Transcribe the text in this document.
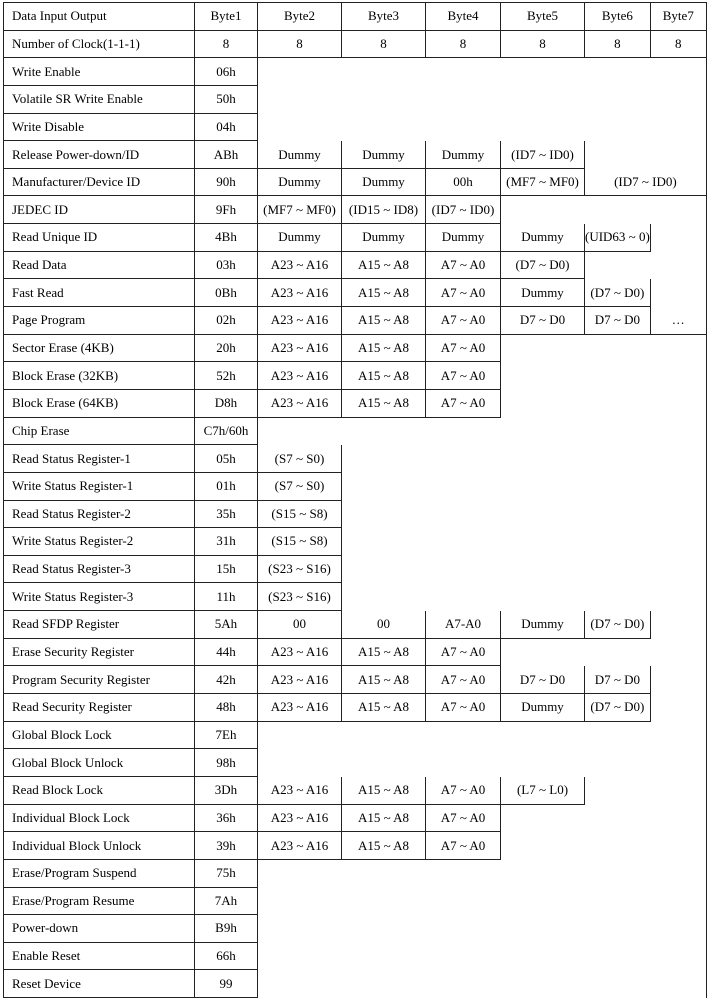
Data Input Output	Byte1	Byte2	Byte3	Byte4	Byte5	Byte6	Byte7
Number of Clock(1-1-1)	8	8	8	8	8	8	8
Write Enable	06h						
Volatile SR Write Enable	50h						
Write Disable	04h						
Release Power-down/ID	ABh	Dummy	Dummy	Dummy	(ID7 ~ ID0)		
Manufacturer/Device ID	90h	Dummy	Dummy	00h	(MF7 ~ MF0)	(ID7 ~ ID0)	
JEDEC ID	9Fh	(MF7 ~ MF0)	(ID15 ~ ID8)	(ID7 ~ ID0)			
Read Unique ID	4Bh	Dummy	Dummy	Dummy	Dummy	(UID63 ~ 0)	
Read Data	03h	A23 ~ A16	A15 ~ A8	A7 ~ A0	(D7 ~ D0)		
Fast Read	0Bh	A23 ~ A16	A15 ~ A8	A7 ~ A0	Dummy	(D7 ~ D0)	
Page Program	02h	A23 ~ A16	A15 ~ A8	A7 ~ A0	D7 ~ D0	D7 ~ D0	…
Sector Erase (4KB)	20h	A23 ~ A16	A15 ~ A8	A7 ~ A0			
Block Erase (32KB)	52h	A23 ~ A16	A15 ~ A8	A7 ~ A0			
Block Erase (64KB)	D8h	A23 ~ A16	A15 ~ A8	A7 ~ A0			
Chip Erase	C7h/60h						
Read Status Register-1	05h	(S7 ~ S0)					
Write Status Register-1	01h	(S7 ~ S0)					
Read Status Register-2	35h	(S15 ~ S8)					
Write Status Register-2	31h	(S15 ~ S8)					
Read Status Register-3	15h	(S23 ~ S16)					
Write Status Register-3	11h	(S23 ~ S16)					
Read SFDP Register	5Ah	00	00	A7-A0	Dummy	(D7 ~ D0)	
Erase Security Register	44h	A23 ~ A16	A15 ~ A8	A7 ~ A0			
Program Security Register	42h	A23 ~ A16	A15 ~ A8	A7 ~ A0	D7 ~ D0	D7 ~ D0	
Read Security Register	48h	A23 ~ A16	A15 ~ A8	A7 ~ A0	Dummy	(D7 ~ D0)	
Global Block Lock	7Eh						
Global Block Unlock	98h						
Read Block Lock	3Dh	A23 ~ A16	A15 ~ A8	A7 ~ A0	(L7 ~ L0)		
Individual Block Lock	36h	A23 ~ A16	A15 ~ A8	A7 ~ A0			
Individual Block Unlock	39h	A23 ~ A16	A15 ~ A8	A7 ~ A0			
Erase/Program Suspend	75h						
Erase/Program Resume	7Ah						
Power-down	B9h						
Enable Reset	66h						
Reset Device	99						
